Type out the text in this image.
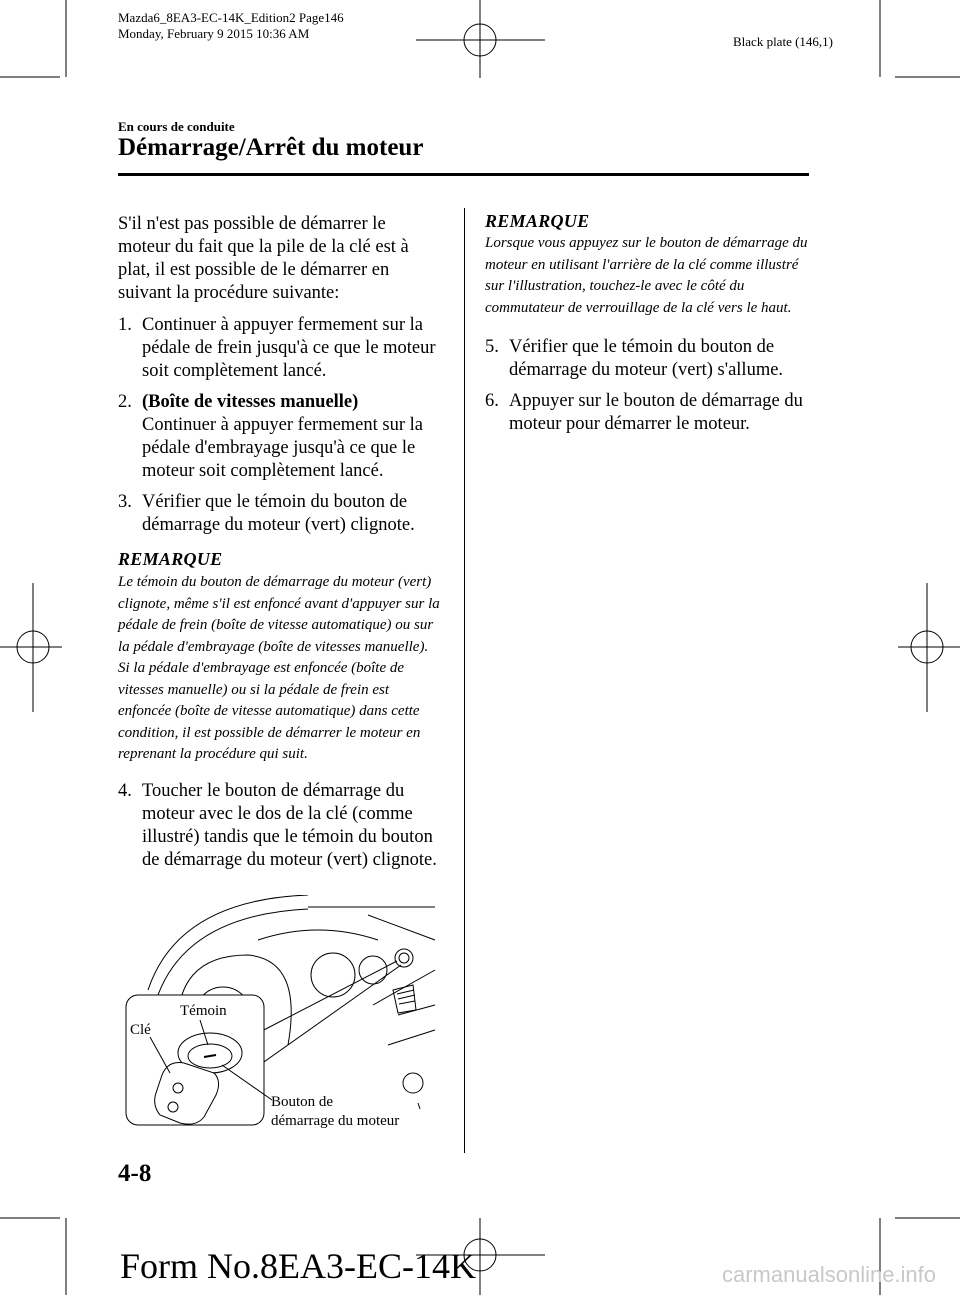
Mazda6_8EA3-EC-14K_Edition2 Page146
Monday, February 9 2015 10:36 AM
Black plate (146,1)
En cours de conduite
Démarrage/Arrêt du moteur
S'il n'est pas possible de démarrer le moteur du fait que la pile de la clé est à plat, il est possible de le démarrer en suivant la procédure suivante:
1. Continuer à appuyer fermement sur la pédale de frein jusqu'à ce que le moteur soit complètement lancé.
2. (Boîte de vitesses manuelle)
Continuer à appuyer fermement sur la pédale d'embrayage jusqu'à ce que le moteur soit complètement lancé.
3. Vérifier que le témoin du bouton de démarrage du moteur (vert) clignote.
REMARQUE
Le témoin du bouton de démarrage du moteur (vert) clignote, même s'il est enfoncé avant d'appuyer sur la pédale de frein (boîte de vitesse automatique) ou sur la pédale d'embrayage (boîte de vitesses manuelle). Si la pédale d'embrayage est enfoncée (boîte de vitesses manuelle) ou si la pédale de frein est enfoncée (boîte de vitesse automatique) dans cette condition, il est possible de démarrer le moteur en reprenant la procédure qui suit.
4. Toucher le bouton de démarrage du moteur avec le dos de la clé (comme illustré) tandis que le témoin du bouton de démarrage du moteur (vert) clignote.
Témoin
Clé
Bouton de
démarrage du moteur
REMARQUE
Lorsque vous appuyez sur le bouton de démarrage du moteur en utilisant l'arrière de la clé comme illustré sur l'illustration, touchez-le avec le côté du commutateur de verrouillage de la clé vers le haut.
5. Vérifier que le témoin du bouton de démarrage du moteur (vert) s'allume.
6. Appuyer sur le bouton de démarrage du moteur pour démarrer le moteur.
4-8
Form No.8EA3-EC-14K	carmanualsonline.info
